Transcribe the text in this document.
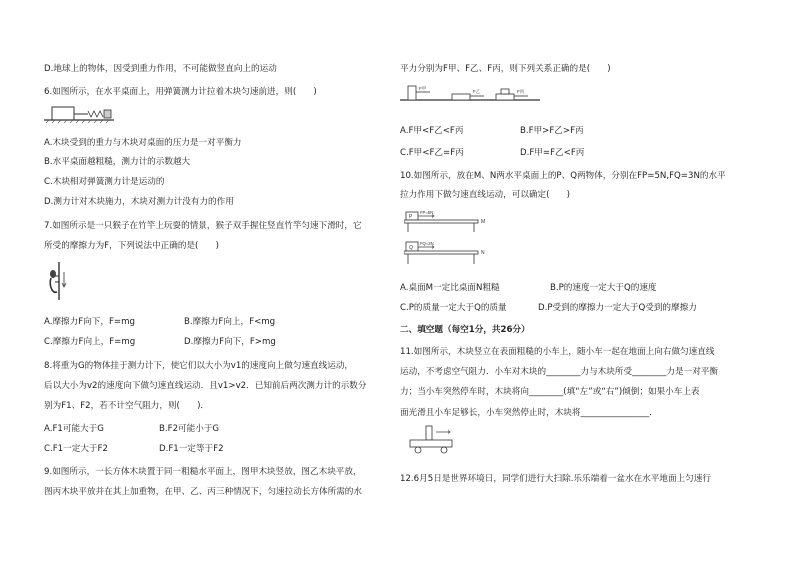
D.地球上的物体，因受到重力作用，不可能做竖直向上的运动
6.如图所示，在水平桌面上，用弹簧测力计拉着木块匀速前进，则(　　)
A.木块受到的重力与木块对桌面的压力是一对平衡力
B.水平桌面越粗糙，测力计的示数越大
C.木块相对弹簧测力计是运动的
D.测力计对木块施力，木块对测力计没有力的作用
7.如图所示是一只猴子在竹竿上玩耍的情景，猴子双手握住竖直竹竿匀速下滑时，它
所受的摩擦力为F，下列说法中正确的是(　　)
A.摩擦力F向下，F=mg	B.摩擦力F向上，F<mg
C.摩擦力F向上，F=mg	D.摩擦力F向下，F>mg
8.将重为G的物体挂于测力计下，使它们以大小为v1的速度向上做匀速直线运动，
后以大小为v2的速度向下做匀速直线运动．且v1>v2．已知前后两次测力计的示数分
别为F1、F2，若不计空气阻力，则(　　)．
A.F1可能大于G	B.F2可能小于G
C.F1一定大于F2	D.F1一定等于F2
9.如图所示，一长方体木块置于同一粗糙水平面上，图甲木块竖放，图乙木块平放，
图丙木块平放并在其上加重物，在甲、乙、丙三种情况下，匀速拉动长方体所需的水
平力分别为F甲、F乙、F丙，则下列关系正确的是(　　)
F甲
F乙	F丙
A.F甲<F乙<F丙	B.F甲>F乙>F丙
C.F甲<F乙=F丙	D.F甲=F乙<F丙
10.如图所示，放在M、N两水平桌面上的P、Q两物体，分别在FP=5N,FQ=3N的水平
拉力作用下做匀速直线运动，可以确定(　　)
P
FP=5N
M
Q
FQ=3N
N
A.桌面M一定比桌面N粗糙	B.P的速度一定大于Q的速度
C.P的质量一定大于Q的质量	D.P受到的摩擦力一定大于Q受到的摩擦力
二、填空题（每空1分，共26分）
11.如图所示，木块竖立在表面粗糙的小车上，随小车一起在地面上向右做匀速直线
运动，不考虑空气阻力．小车对木块的________力与木块所受________力是一对平衡
力；当小车突然停车时，木块将向________(填“左”或“右”)倾倒；如果小车上表
面光滑且小车足够长，小车突然停止时，木块将________________．
12.6月5日是世界环境日，同学们进行大扫除.乐乐端着一盆水在水平地面上匀速行
